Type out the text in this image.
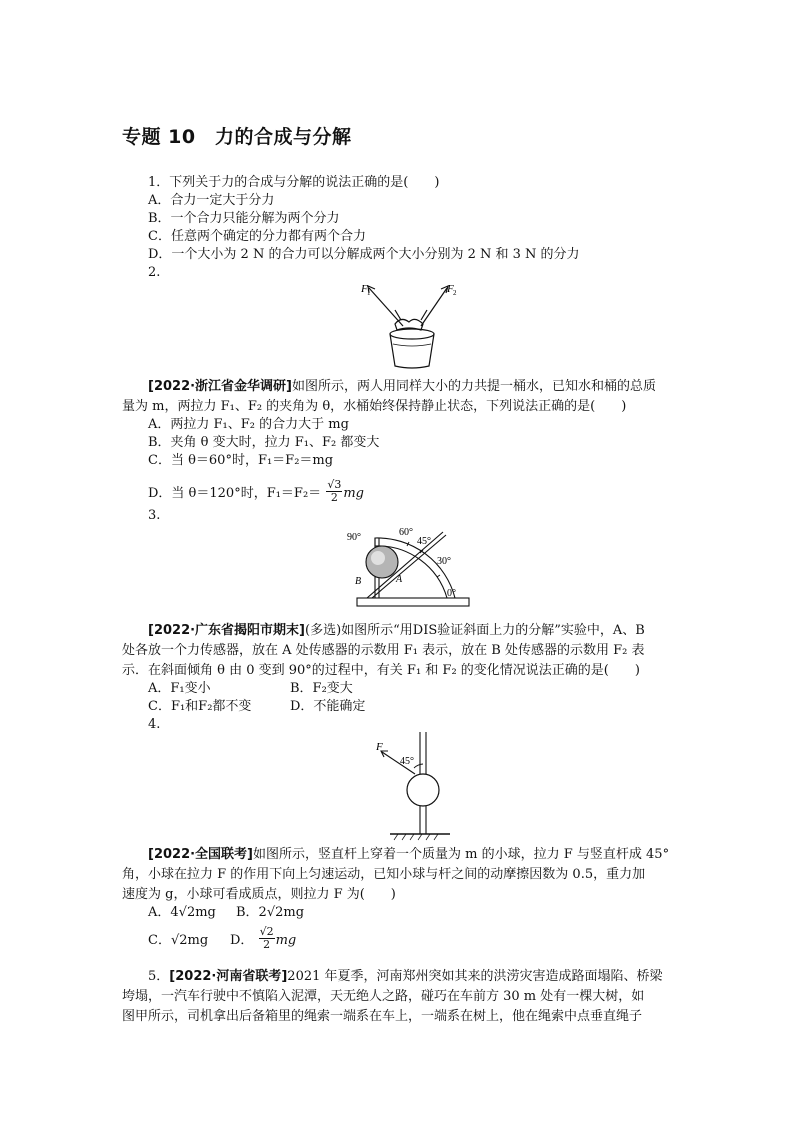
专题 10　力的合成与分解
1．下列关于力的合成与分解的说法正确的是(　　)
A．合力一定大于分力
B．一个合力只能分解为两个分力
C．任意两个确定的分力都有两个合力
D．一个大小为 2 N 的合力可以分解成两个大小分别为 2 N 和 3 N 的分力
2.
F 1	F 2
[2022·浙江省金华调研]如图所示，两人用同样大小的力共提一桶水，已知水和桶的总质
量为 m，两拉力 F₁、F₂ 的夹角为 θ，水桶始终保持静止状态，下列说法正确的是(　　)
A．两拉力 F₁、F₂ 的合力大于 mg
B．夹角 θ 变大时，拉力 F₁、F₂ 都变大
C．当 θ＝60°时，F₁＝F₂＝mg
D．当 θ＝120°时，$F_1=F_2= \frac{√3}{2}$ mg
3.
90°	60°
45°
30°
0°
B	A
[2022·广东省揭阳市期末](多选)如图所示“用DIS验证斜面上力的分解”实验中，A、B
处各放一个力传感器，放在 A 处传感器的示数用 F₁ 表示，放在 B 处传感器的示数用 F₂ 表
示．在斜面倾角 θ 由 0 变到 90°的过程中，有关 F₁ 和 F₂ 的变化情况说法正确的是(　　)
A．F₁变小	B．F₂变大
C．F₁和F₂都不变	D．不能确定
4.
F
45°
[2022·全国联考]如图所示，竖直杆上穿着一个质量为 m 的小球，拉力 F 与竖直杆成 45°
角，小球在拉力 F 的作用下向上匀速运动，已知小球与杆之间的动摩擦因数为 0.5，重力加
速度为 g，小球可看成质点，则拉力 F 为(　　)
A．4√2mg B．2√2mg
C．√2mg D． $\frac{√2}{2}$ mg
5．[2022·河南省联考]2021 年夏季，河南郑州突如其来的洪涝灾害造成路面塌陷、桥梁
垮塌，一汽车行驶中不慎陷入泥潭，天无绝人之路，碰巧在车前方 30 m 处有一棵大树，如
图甲所示，司机拿出后备箱里的绳索一端系在车上，一端系在树上，他在绳索中点垂直绳子
